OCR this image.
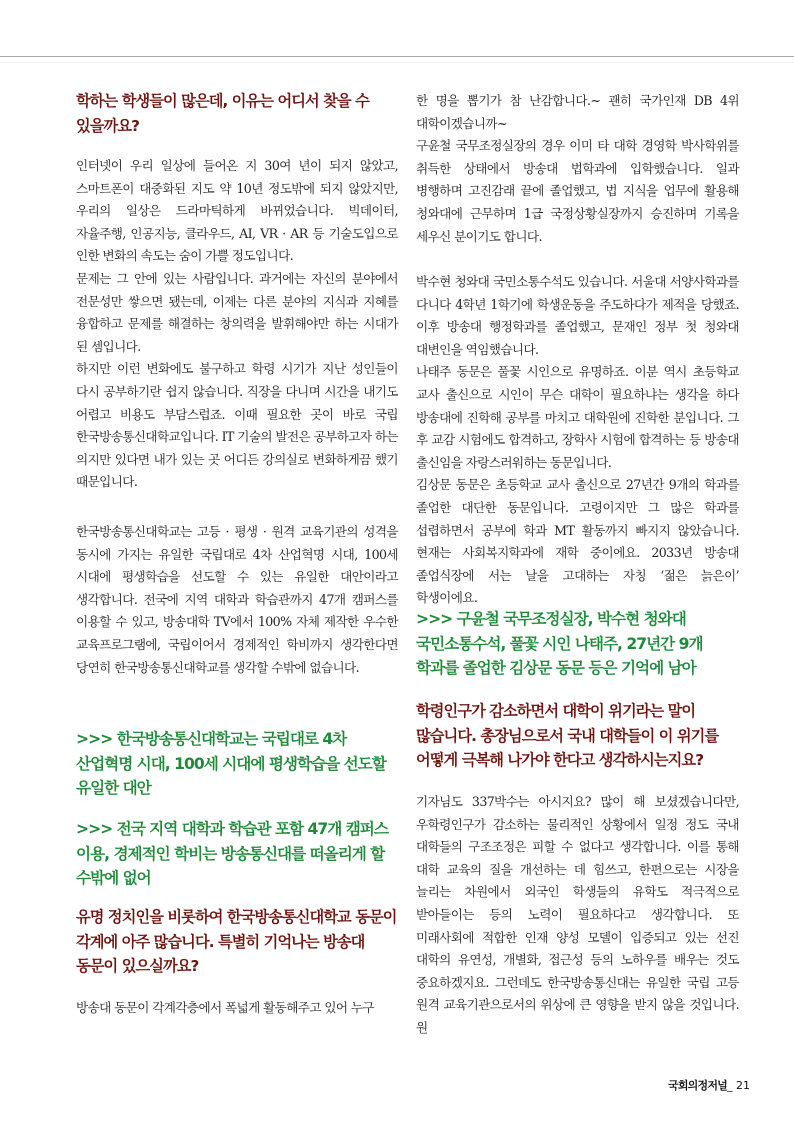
학하는 학생들이 많은데, 이유는 어디서 찾을 수 있을까요?

인터넷이 우리 일상에 들어온 지 30여 년이 되지 않았고, 스마트폰이 대중화된 지도 약 10년 정도밖에 되지 않았지만, 우리의 일상은 드라마틱하게 바뀌었습니다. 빅데이터, 자율주행, 인공지능, 클라우드, AI, VR · AR 등 기술도입으로 인한 변화의 속도는 숨이 가쁠 정도입니다.

문제는 그 안에 있는 사람입니다. 과거에는 자신의 분야에서 전문성만 쌓으면 됐는데, 이제는 다른 분야의 지식과 지혜를 융합하고 문제를 해결하는 창의력을 발휘해야만 하는 시대가 된 셈입니다.

하지만 이런 변화에도 불구하고 학령 시기가 지난 성인들이 다시 공부하기란 쉽지 않습니다. 직장을 다니며 시간을 내기도 어렵고 비용도 부담스럽죠. 이때 필요한 곳이 바로 국립 한국방송통신대학교입니다. IT 기술의 발전은 공부하고자 하는 의지만 있다면 내가 있는 곳 어디든 강의실로 변화하게끔 했기 때문입니다.

한국방송통신대학교는 고등 · 평생 · 원격 교육기관의 성격을 동시에 가지는 유일한 국립대로 4차 산업혁명 시대, 100세 시대에 평생학습을 선도할 수 있는 유일한 대안이라고 생각합니다. 전국에 지역 대학과 학습관까지 47개 캠퍼스를 이용할 수 있고, 방송대학 TV에서 100% 자체 제작한 우수한 교육프로그램에, 국립이어서 경제적인 학비까지 생각한다면 당연히 한국방송통신대학교를 생각할 수밖에 없습니다.

>>> 한국방송통신대학교는 국립대로 4차 산업혁명 시대, 100세 시대에 평생학습을 선도할 유일한 대안
>>> 전국 지역 대학과 학습관 포함 47개 캠퍼스 이용, 경제적인 학비는 방송통신대를 떠올리게 할 수밖에 없어
유명 정치인을 비롯하여 한국방송통신대학교 동문이 각계에 아주 많습니다. 특별히 기억나는 방송대 동문이 있으실까요?

방송대 동문이 각계각층에서 폭넓게 활동해주고 있어 누구

한 명을 뽑기가 참 난감합니다.~ 괜히 국가인재 DB 4위 대학이겠습니까~

구윤철 국무조정실장의 경우 이미 타 대학 경영학 박사학위를 취득한 상태에서 방송대 법학과에 입학했습니다. 일과 병행하며 고진감래 끝에 졸업했고, 법 지식을 업무에 활용해 청와대에 근무하며 1급 국정상황실장까지 승진하며 기록을 세우신 분이기도 합니다.

박수현 청와대 국민소통수석도 있습니다. 서울대 서양사학과를 다니다 4학년 1학기에 학생운동을 주도하다가 제적을 당했죠. 이후 방송대 행정학과를 졸업했고, 문재인 정부 첫 청와대 대변인을 역임했습니다.

나태주 동문은 풀꽃 시인으로 유명하죠. 이분 역시 초등학교 교사 출신으로 시인이 무슨 대학이 필요하냐는 생각을 하다 방송대에 진학해 공부를 마치고 대학원에 진학한 분입니다. 그 후 교감 시험에도 합격하고, 장학사 시험에 합격하는 등 방송대 출신임을 자랑스러워하는 동문입니다.

김상문 동문은 초등학교 교사 출신으로 27년간 9개의 학과를 졸업한 대단한 동문입니다. 고령이지만 그 많은 학과를 섭렵하면서 공부에 학과 MT 활동까지 빠지지 않았습니다. 현재는 사회복지학과에 재학 중이에요. 2033년 방송대 졸업식장에 서는 날을 고대하는 자칭 ‘젊은 늙은이’ 학생이에요.

>>> 구윤철 국무조정실장, 박수현 청와대 국민소통수석, 풀꽃 시인 나태주, 27년간 9개 학과를 졸업한 김상문 동문 등은 기억에 남아
학령인구가 감소하면서 대학이 위기라는 말이 많습니다. 총장님으로서 국내 대학들이 이 위기를 어떻게 극복해 나가야 한다고 생각하시는지요?

기자님도 337박수는 아시지요? 많이 해 보셨겠습니다만, 우학령인구가 감소하는 물리적인 상황에서 일정 정도 국내 대학들의 구조조정은 피할 수 없다고 생각합니다. 이를 통해 대학 교육의 질을 개선하는 데 힘쓰고, 한편으로는 시장을 늘리는 차원에서 외국인 학생들의 유학도 적극적으로 받아들이는 등의 노력이 필요하다고 생각합니다. 또 미래사회에 적합한 인재 양성 모델이 입증되고 있는 선진 대학의 유연성, 개별화, 접근성 등의 노하우를 배우는 것도 중요하겠지요. 그런데도 한국방송통신대는 유일한 국립 고등 원격 교육기관으로서의 위상에 큰 영향을 받지 않을 것입니다. 원

국회의정저널_ 21
